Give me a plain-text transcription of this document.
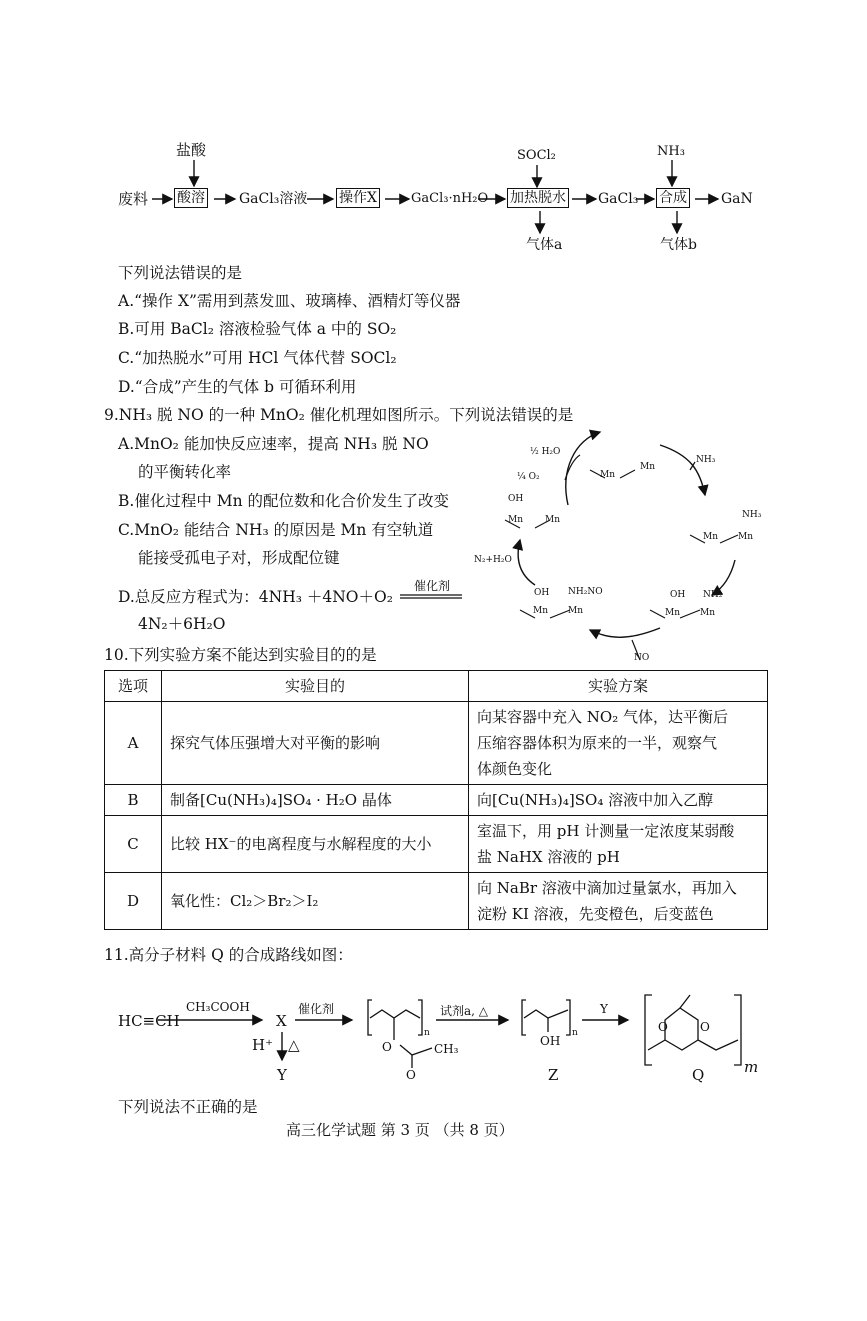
盐酸
废料 酸溶 GaCl₃溶液 操作X	GaCl₃·nH₂O
SOCl₂
加热脱水 GaCl₃
NH₃
合成 GaN
气体a	气体b
下列说法错误的是
A.“操作 X”需用到蒸发皿、玻璃棒、酒精灯等仪器
B.可用 BaCl₂ 溶液检验气体 a 中的 SO₂
C.“加热脱水”可用 HCl 气体代替 SOCl₂
D.“合成”产生的气体 b 可循环利用
9.NH₃ 脱 NO 的一种 MnO₂ 催化机理如图所示。下列说法错误的是
A.MnO₂ 能加快反应速率，提高 NH₃ 脱 NO
的平衡转化率
B.催化过程中 Mn 的配位数和化合价发生了改变
C.MnO₂ 能结合 NH₃ 的原因是 Mn 有空轨道
能接受孤电子对，形成配位键
D.总反应方程式为：4NH₃ ＋4NO＋O₂
催化剂
4N₂＋6H₂O
½ H₂O
¼ O₂	Mn
Mn
NH₃
OH
Mn Mn	NH₃
Mn Mn
N₂+H₂O
OH NH₂NO
Mn Mn
OH NH₂
Mn Mn
NO
10.下列实验方案不能达到实验目的的是
选项	实验目的	实验方案
A	探究气体压强增大对平衡的影响	向某容器中充入 NO₂ 气体，达平衡后
压缩容器体积为原来的一半，观察气
体颜色变化

B	制备[Cu(NH₃)₄]SO₄ · H₂O 晶体	向[Cu(NH₃)₄]SO₄ 溶液中加入乙醇

C	比较 HX⁻的电离程度与水解程度的大小	室温下，用 pH 计测量一定浓度某弱酸
盐 NaHX 溶液的 pH

D	氧化性：Cl₂＞Br₂＞I₂	向 NaBr 溶液中滴加过量氯水，再加入
淀粉 KI 溶液，先变橙色，后变蓝色
11.高分子材料 Q 的合成路线如图：
HC≡CH
CH₃COOH
X
催化剂
n
O	CH₃
O
试剂a, △
n
OH
Z
Y
H⁺ △
Y
O	O
m
Q
下列说法不正确的是
高三化学试题 第 3 页 （共 8 页）
